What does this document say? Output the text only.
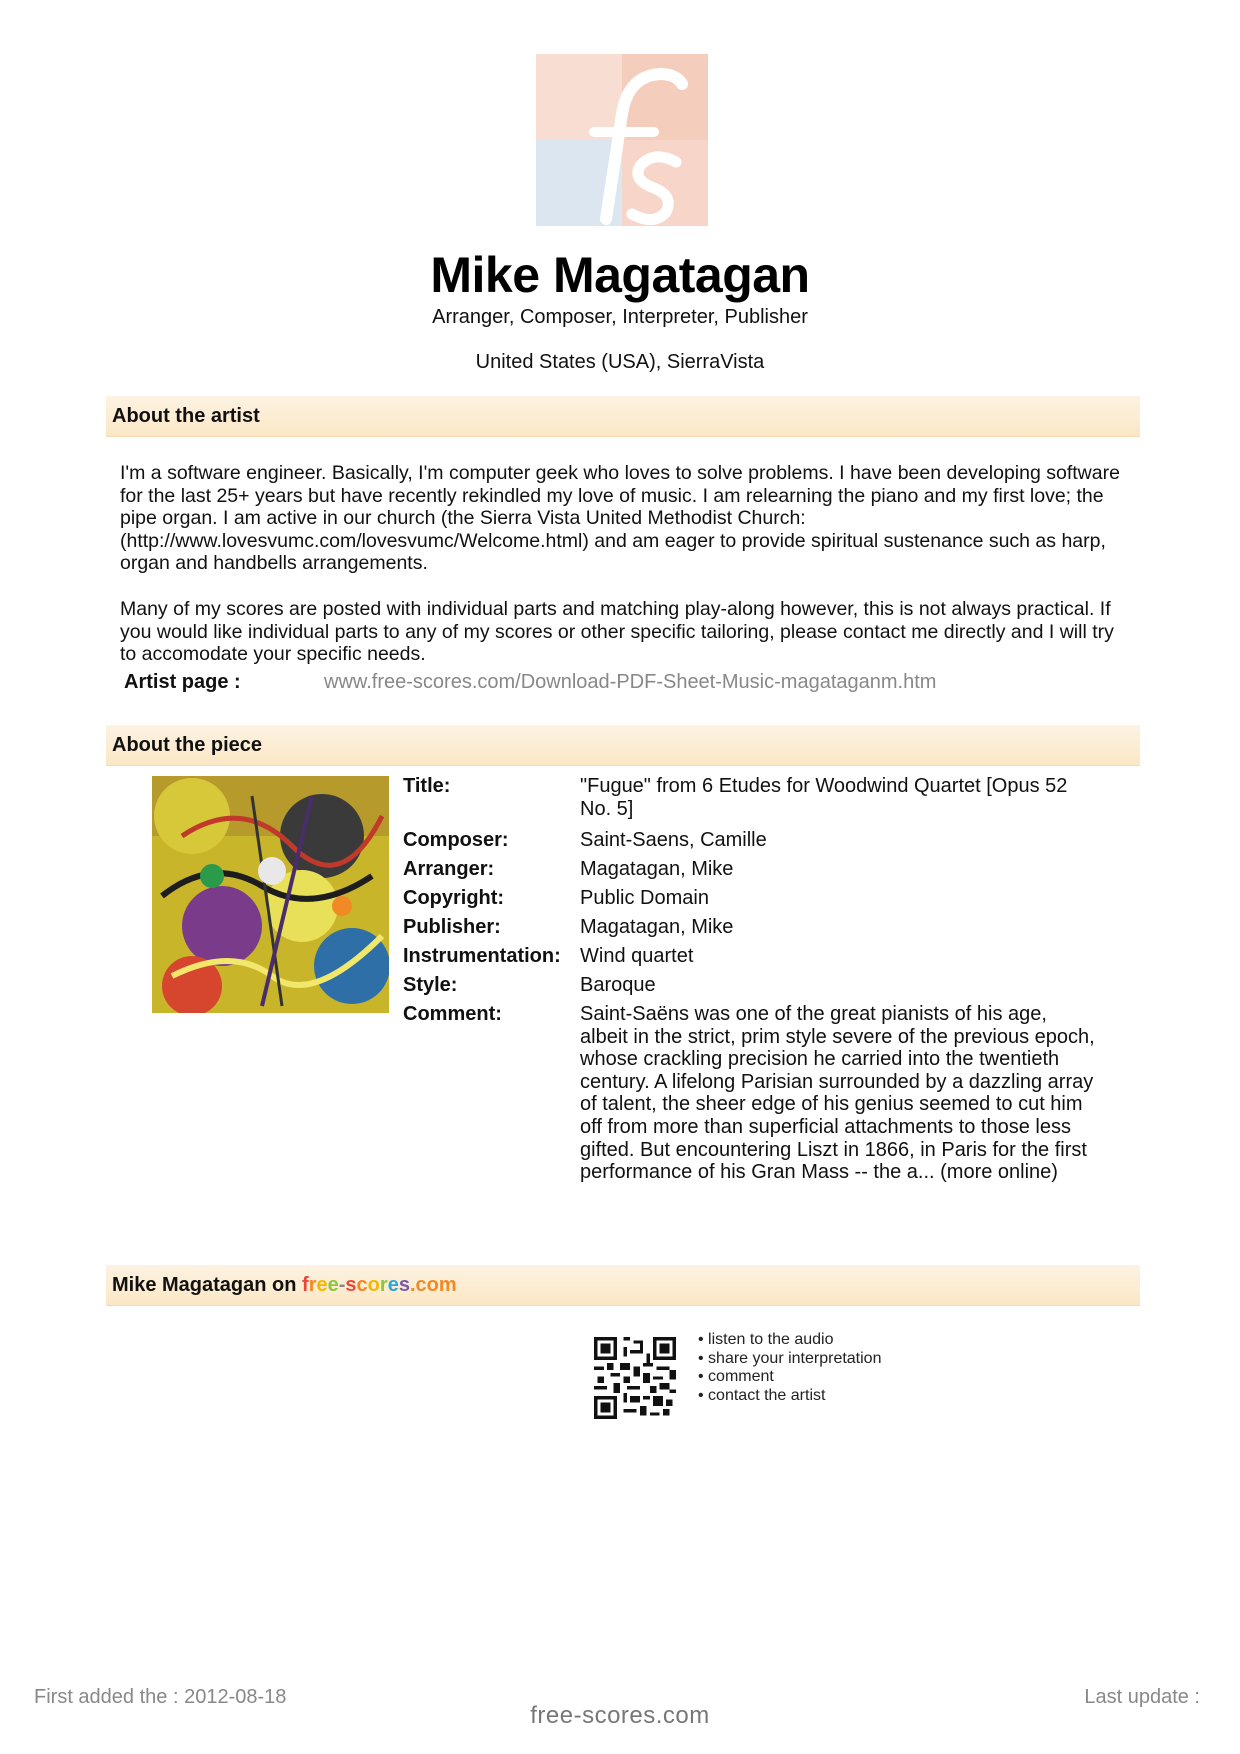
Mike Magatagan
Arranger, Composer, Interpreter, Publisher
United States (USA), SierraVista
About the artist

I'm a software engineer. Basically, I'm computer geek who loves to solve problems. I have been developing software for the last 25+ years but have recently rekindled my love of music. I am relearning the piano and my first love; the pipe organ. I am active in our church (the Sierra Vista United Methodist Church: (http://www.lovesvumc.com/lovesvumc/Welcome.html) and am eager to provide spiritual sustenance such as harp, organ and handbells arrangements.

Many of my scores are posted with individual parts and matching play-along however, this is not always practical. If you would like individual parts to any of my scores or other specific tailoring, please contact me directly and I will try to accomodate your specific needs.

Artist page :	www.free-scores.com/Download-PDF-Sheet-Music-magataganm.htm
About the piece
Title:	"Fugue" from 6 Etudes for Woodwind Quartet [Opus 52 No. 5]
Composer:	Saint-Saens, Camille
Arranger:	Magatagan, Mike
Copyright:	Public Domain
Publisher:	Magatagan, Mike
Instrumentation: Wind quartet
Style:	Baroque
Comment:	Saint-Saëns was one of the great pianists of his age, albeit in the strict, prim style severe of the previous epoch, whose crackling precision he carried into the twentieth century. A lifelong Parisian surrounded by a dazzling array of talent, the sheer edge of his genius seemed to cut him off from more than superficial attachments to those less gifted. But encountering Liszt in 1866, in Paris for the first performance of his Gran Mass -- the a... (more online)
Mike Magatagan on free-scores.com
• listen to the audio
• share your interpretation
• comment
• contact the artist
First added the : 2012-08-18	Last update :
free-scores.com
